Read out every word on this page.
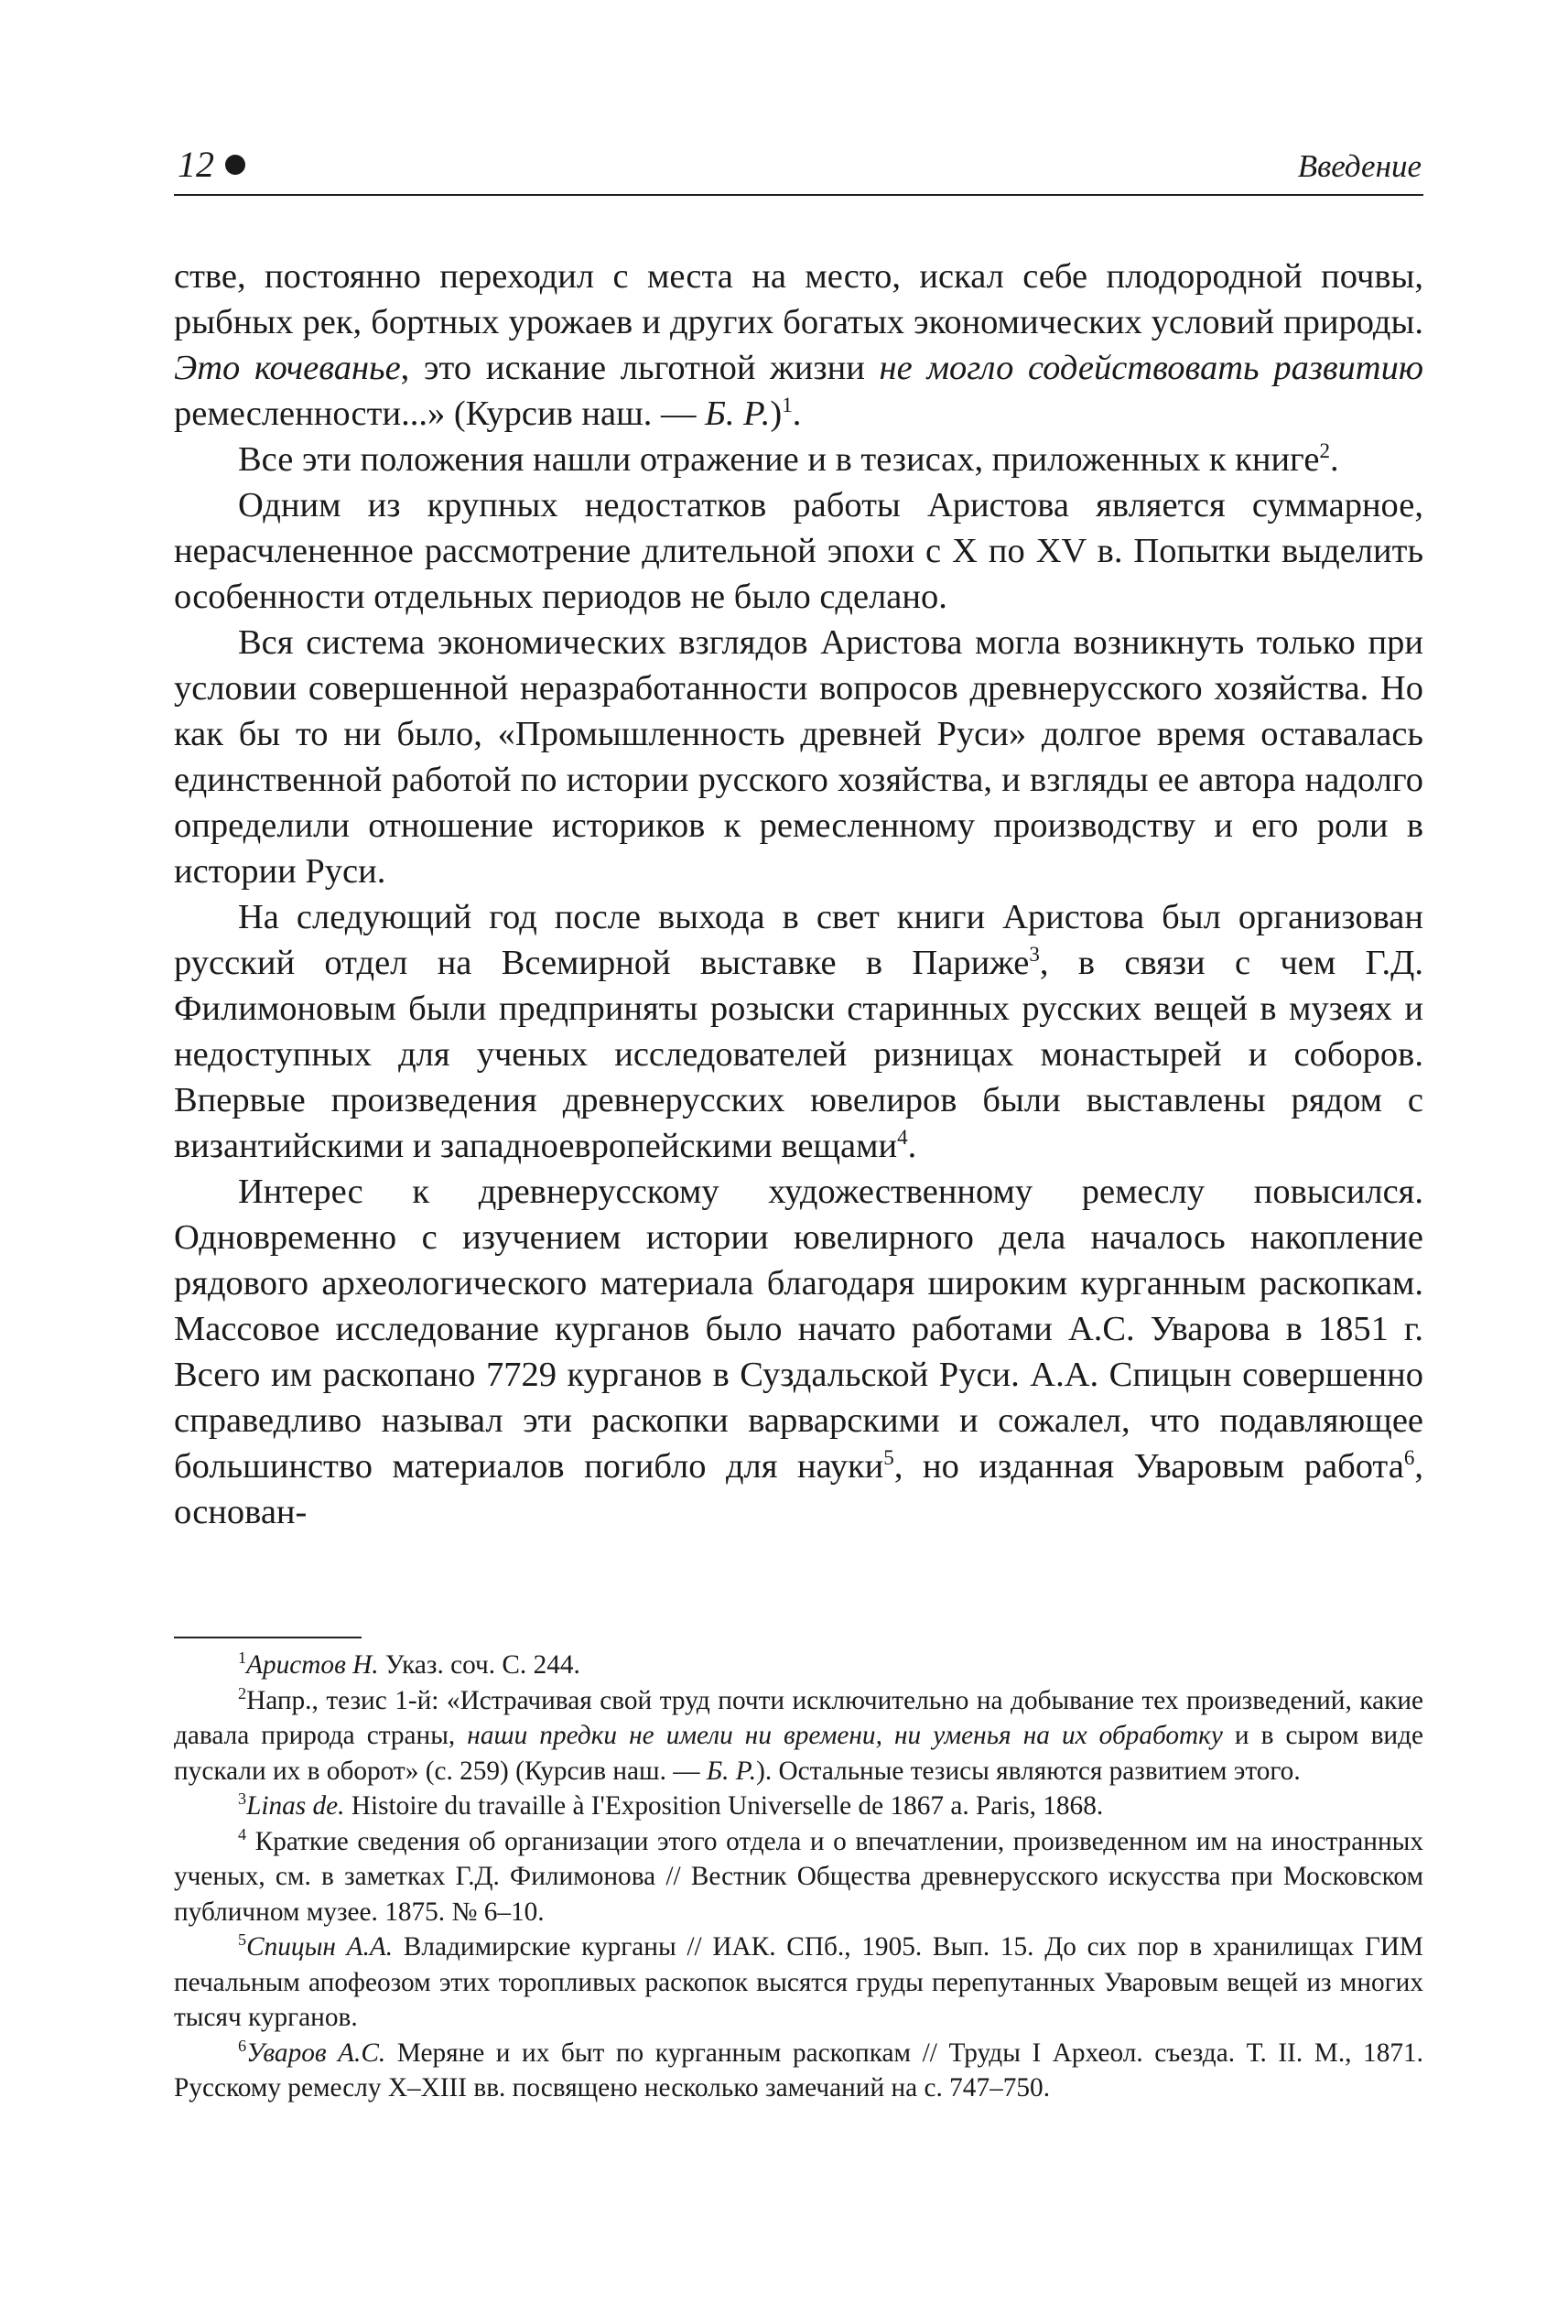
12	Введение

стве, постоянно переходил с места на место, искал себе плодородной почвы, рыбных рек, бортных урожаев и других богатых экономических условий природы. Это кочеванье, это искание льготной жизни не могло содействовать развитию ремесленности...» (Курсив наш. — Б. Р.)$^1$.

Все эти положения нашли отражение и в тезисах, приложенных к книге$^2$.

Одним из крупных недостатков работы Аристова является суммарное, нерасчлененное рассмотрение длительной эпохи с X по XV в. Попытки выделить особенности отдельных периодов не было сделано.

Вся система экономических взглядов Аристова могла возникнуть только при условии совершенной неразработанности вопросов древнерусского хозяйства. Но как бы то ни было, «Промышленность древней Руси» долгое время оставалась единственной работой по истории русского хозяйства, и взгляды ее автора надолго определили отношение историков к ремесленному производству и его роли в истории Руси.

На следующий год после выхода в свет книги Аристова был организован русский отдел на Всемирной выставке в Париже$^3$, в связи с чем Г.Д. Филимоновым были предприняты розыски старинных русских вещей в музеях и недоступных для ученых исследователей ризницах монастырей и соборов. Впервые произведения древнерусских ювелиров были выставлены рядом с византийскими и западноевропейскими вещами$^4$.

Интерес к древнерусскому художественному ремеслу повысился. Одновременно с изучением истории ювелирного дела началось накопление рядового археологического материала благодаря широким курганным раскопкам. Массовое исследование курганов было начато работами А.С. Уварова в 1851 г. Всего им раскопано 7729 курганов в Суздальской Руси. А.А. Спицын совершенно справедливо называл эти раскопки варварскими и сожалел, что подавляющее большинство материалов погибло для науки$^5$, но изданная Уваровым работа$^6$, основан-

$^1$Аристов Н. Указ. соч. С. 244.

$^2$Напр., тезис 1-й: «Истрачивая свой труд почти исключительно на добывание тех произведений, какие давала природа страны, наши предки не имели ни времени, ни уменья на их обработку и в сыром виде пускали их в оборот» (с. 259) (Курсив наш. — Б. Р.). Остальные тезисы являются развитием этого.

$^3$Linas de. Histoire du travaille à I'Exposition Universelle de 1867 a. Paris, 1868.

$^4$ Краткие сведения об организации этого отдела и о впечатлении, произведенном им на иностранных ученых, см. в заметках Г.Д. Филимонова // Вестник Общества древнерусского искусства при Московском публичном музее. 1875. № 6–10.

$^5$Спицын А.А. Владимирские курганы // ИАК. СПб., 1905. Вып. 15. До сих пор в хранилищах ГИМ печальным апофеозом этих торопливых раскопок высятся груды перепутанных Уваровым вещей из многих тысяч курганов.

$^6$Уваров А.С. Меряне и их быт по курганным раскопкам // Труды I Археол. съезда. Т. II. М., 1871. Русскому ремеслу X–XIII вв. посвящено несколько замечаний на с. 747–750.
